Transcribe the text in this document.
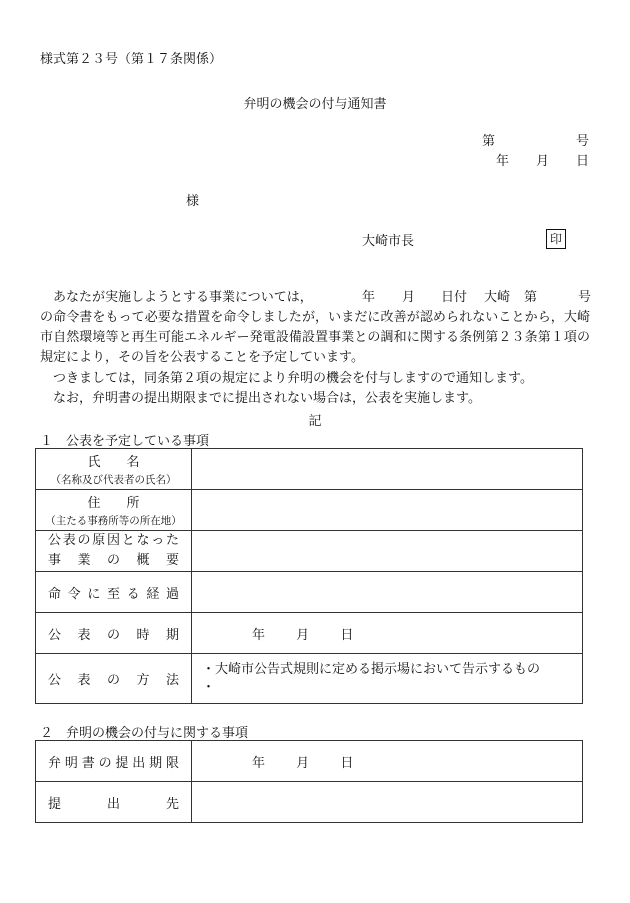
様式第２３号（第１７条関係）
弁明の機会の付与通知書
第	号
年 月 日
様
大崎市長	印
あなたが実施しようとする事業については，	年 月 日付 大崎 第	号

の命令書をもって必要な措置を命令しましたが，いまだに改善が認められないことから，大崎市自然環境等と再生可能エネルギー発電設備設置事業との調和に関する条例第２３条第１項の規定により，その旨を公表することを予定しています。

つきましては，同条第２項の規定により弁明の機会を付与しますので通知します。

なお，弁明書の提出期限までに提出されない場合は，公表を実施します。

記
１　公表を予定している事項
氏　　名
（名称及び代表者の氏名）	

住　　所
（主たる事務所等の所在地）	

公表の原因となった
事業の概要	

命令に至る経過	

公表の時期	年 月 日

公表の方法	・大崎市公告式規則に定める掲示場において告示するもの
・
２　弁明の機会の付与に関する事項
弁明書の提出期限	年 月 日

提出先	
